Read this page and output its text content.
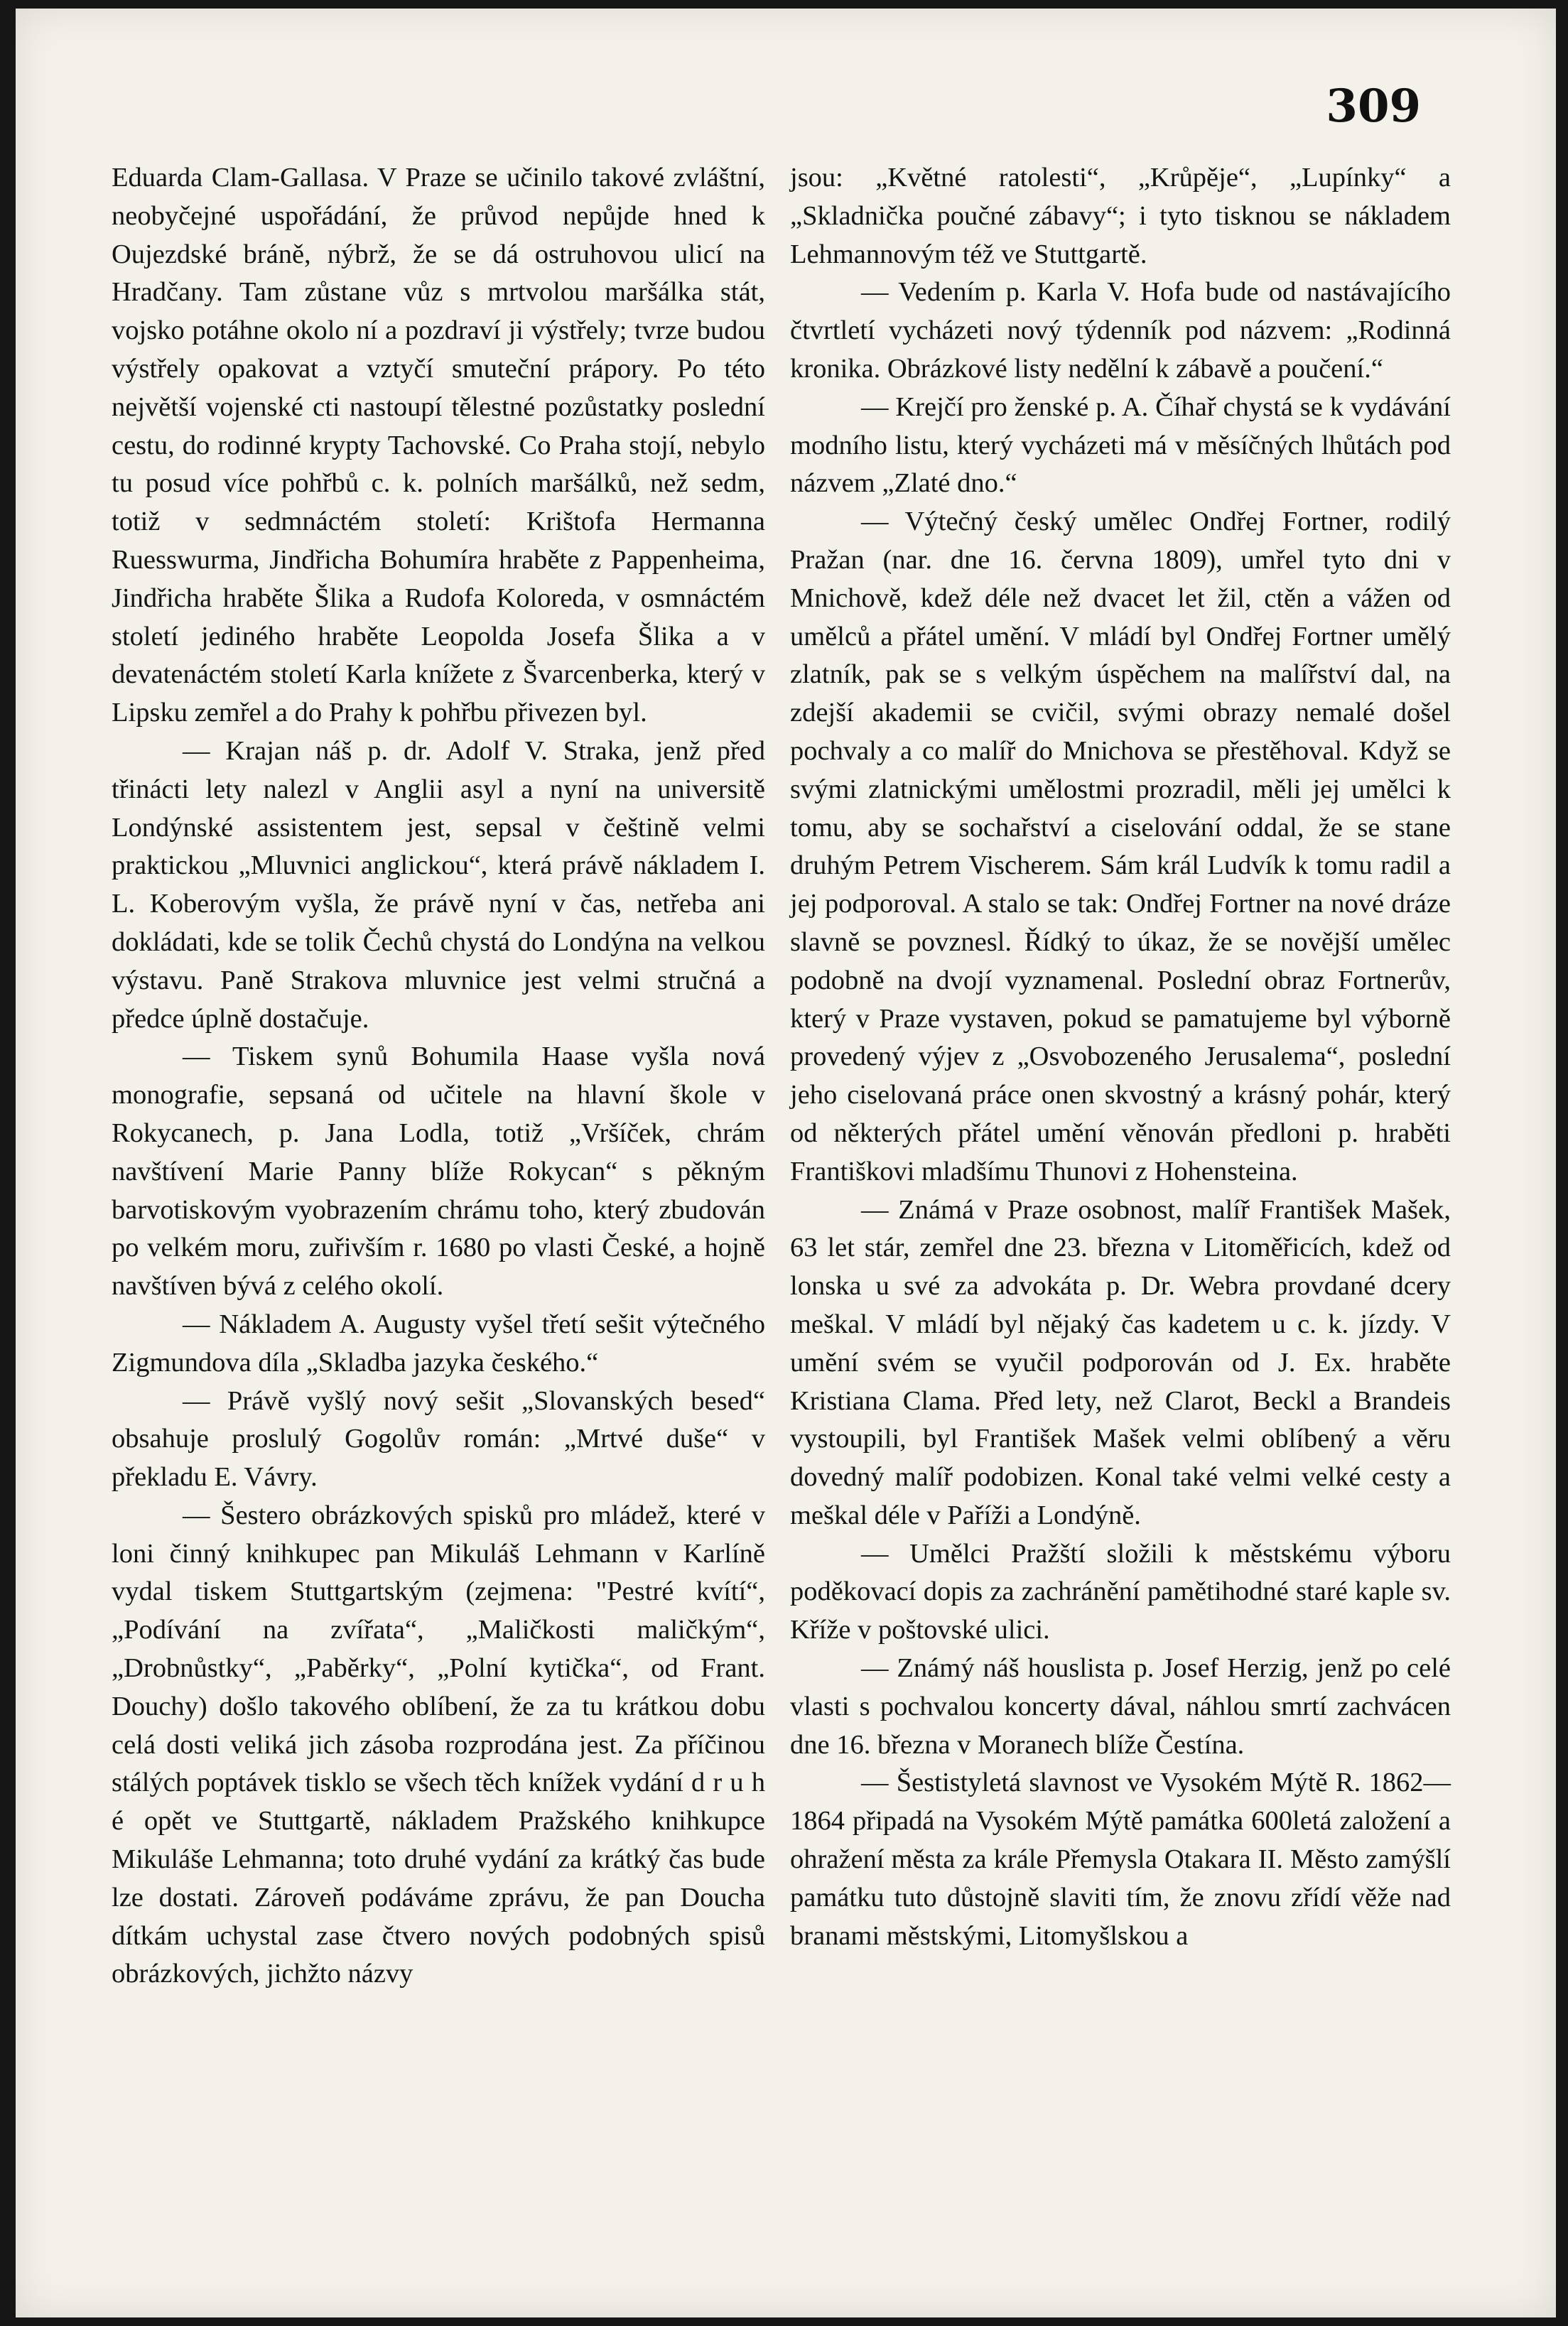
309

Eduarda Clam-Gallasa. V Praze se učinilo takové zvláštní, neobyčejné uspořádání, že průvod nepůjde hned k Oujezdské bráně, nýbrž, že se dá ostruhovou ulicí na Hradčany. Tam zůstane vůz s mrtvolou maršálka stát, vojsko potáhne okolo ní a pozdraví ji výstřely; tvrze budou výstřely opakovat a vztyčí smuteční prápory. Po této největší vojenské cti nastoupí tělestné pozůstatky poslední cestu, do rodinné krypty Tachovské. Co Praha stojí, nebylo tu posud více pohřbů c. k. polních maršálků, než sedm, totiž v sedmnáctém století: Krištofa Hermanna Ruesswurma, Jindřicha Bohumíra hraběte z Pappenheima, Jindřicha hraběte Šlika a Rudofa Koloreda, v osmnáctém století jediného hraběte Leopolda Josefa Šlika a v devatenáctém století Karla knížete z Švarcenberka, který v Lipsku zemřel a do Prahy k pohřbu přivezen byl.

— Krajan náš p. dr. Adolf V. Straka, jenž před třinácti lety nalezl v Anglii asyl a nyní na universitě Londýnské assistentem jest, sepsal v češtině velmi praktickou „Mluvnici anglickou“, která právě nákladem I. L. Koberovým vyšla, že právě nyní v čas, netřeba ani dokládati, kde se tolik Čechů chystá do Londýna na velkou výstavu. Paně Strakova mluvnice jest velmi stručná a předce úplně dostačuje.

— Tiskem synů Bohumila Haase vyšla nová monografie, sepsaná od učitele na hlavní škole v Rokycanech, p. Jana Lodla, totiž „Vršíček, chrám navštívení Marie Panny blíže Rokycan“ s pěkným barvotiskovým vyobrazením chrámu toho, který zbudován po velkém moru, zuřivším r. 1680 po vlasti České, a hojně navštíven bývá z celého okolí.

— Nákladem A. Augusty vyšel třetí sešit výtečného Zigmundova díla „Skladba jazyka českého.“

— Právě vyšlý nový sešit „Slovanských besed“ obsahuje proslulý Gogolův román: „Mrtvé duše“ v překladu E. Vávry.

— Šestero obrázkových spisků pro mládež, které v loni činný knihkupec pan Mikuláš Lehmann v Karlíně vydal tiskem Stuttgartským (zejmena: "Pestré kvítí“, „Podívání na zvířata“, „Maličkosti maličkým“, „Drobnůstky“, „Paběrky“, „Polní kytička“, od Frant. Douchy) došlo takového oblíbení, že za tu krátkou dobu celá dosti veliká jich zásoba rozprodána jest. Za příčinou stálých poptávek tisklo se všech těch knížek vydání d r u h é opět ve Stuttgartě, nákladem Pražského knihkupce Mikuláše Lehmanna; toto druhé vydání za krátký čas bude lze dostati. Zároveň podáváme zprávu, že pan Doucha dítkám uchystal zase čtvero nových podobných spisů obrázkových, jichžto názvy

jsou: „Květné ratolesti“, „Krůpěje“, „Lupínky“ a „Skladnička poučné zábavy“; i tyto tisknou se nákladem Lehmannovým též ve Stuttgartě.

— Vedením p. Karla V. Hofa bude od nastávajícího čtvrtletí vycházeti nový týdenník pod názvem: „Rodinná kronika. Obrázkové listy nedělní k zábavě a poučení.“

— Krejčí pro ženské p. A. Číhař chystá se k vydávání modního listu, který vycházeti má v měsíčných lhůtách pod názvem „Zlaté dno.“

— Výtečný český umělec Ondřej Fortner, rodilý Pražan (nar. dne 16. června 1809), umřel tyto dni v Mnichově, kdež déle než dvacet let žil, ctěn a vážen od umělců a přátel umění. V mládí byl Ondřej Fortner umělý zlatník, pak se s velkým úspěchem na malířství dal, na zdejší akademii se cvičil, svými obrazy nemalé došel pochvaly a co malíř do Mnichova se přestěhoval. Když se svými zlatnickými umělostmi prozradil, měli jej umělci k tomu, aby se sochařství a ciselování oddal, že se stane druhým Petrem Vischerem. Sám král Ludvík k tomu radil a jej podporoval. A stalo se tak: Ondřej Fortner na nové dráze slavně se povznesl. Řídký to úkaz, že se novější umělec podobně na dvojí vyznamenal. Poslední obraz Fortnerův, který v Praze vystaven, pokud se pamatujeme byl výborně provedený výjev z „Osvobozeného Jerusalema“, poslední jeho ciselovaná práce onen skvostný a krásný pohár, který od některých přátel umění věnován předloni p. hraběti Františkovi mladšímu Thunovi z Hohensteina.

— Známá v Praze osobnost, malíř František Mašek, 63 let stár, zemřel dne 23. března v Litoměřicích, kdež od lonska u své za advokáta p. Dr. Webra provdané dcery meškal. V mládí byl nějaký čas kadetem u c. k. jízdy. V umění svém se vyučil podporován od J. Ex. hraběte Kristiana Clama. Před lety, než Clarot, Beckl a Brandeis vystoupili, byl František Mašek velmi oblíbený a věru dovedný malíř podobizen. Konal také velmi velké cesty a meškal déle v Paříži a Londýně.

— Umělci Pražští složili k městskému výboru poděkovací dopis za zachránění pamětihodné staré kaple sv. Kříže v poštovské ulici.

— Známý náš houslista p. Josef Herzig, jenž po celé vlasti s pochvalou koncerty dával, náhlou smrtí zachvácen dne 16. března v Moranech blíže Čestína.

— Šestistyletá slavnost ve Vysokém Mýtě R. 1862—1864 připadá na Vysokém Mýtě památka 600letá založení a ohražení města za krále Přemysla Otakara II. Město zamýšlí památku tuto důstojně slaviti tím, že znovu zřídí věže nad branami městskými, Litomyšlskou a
